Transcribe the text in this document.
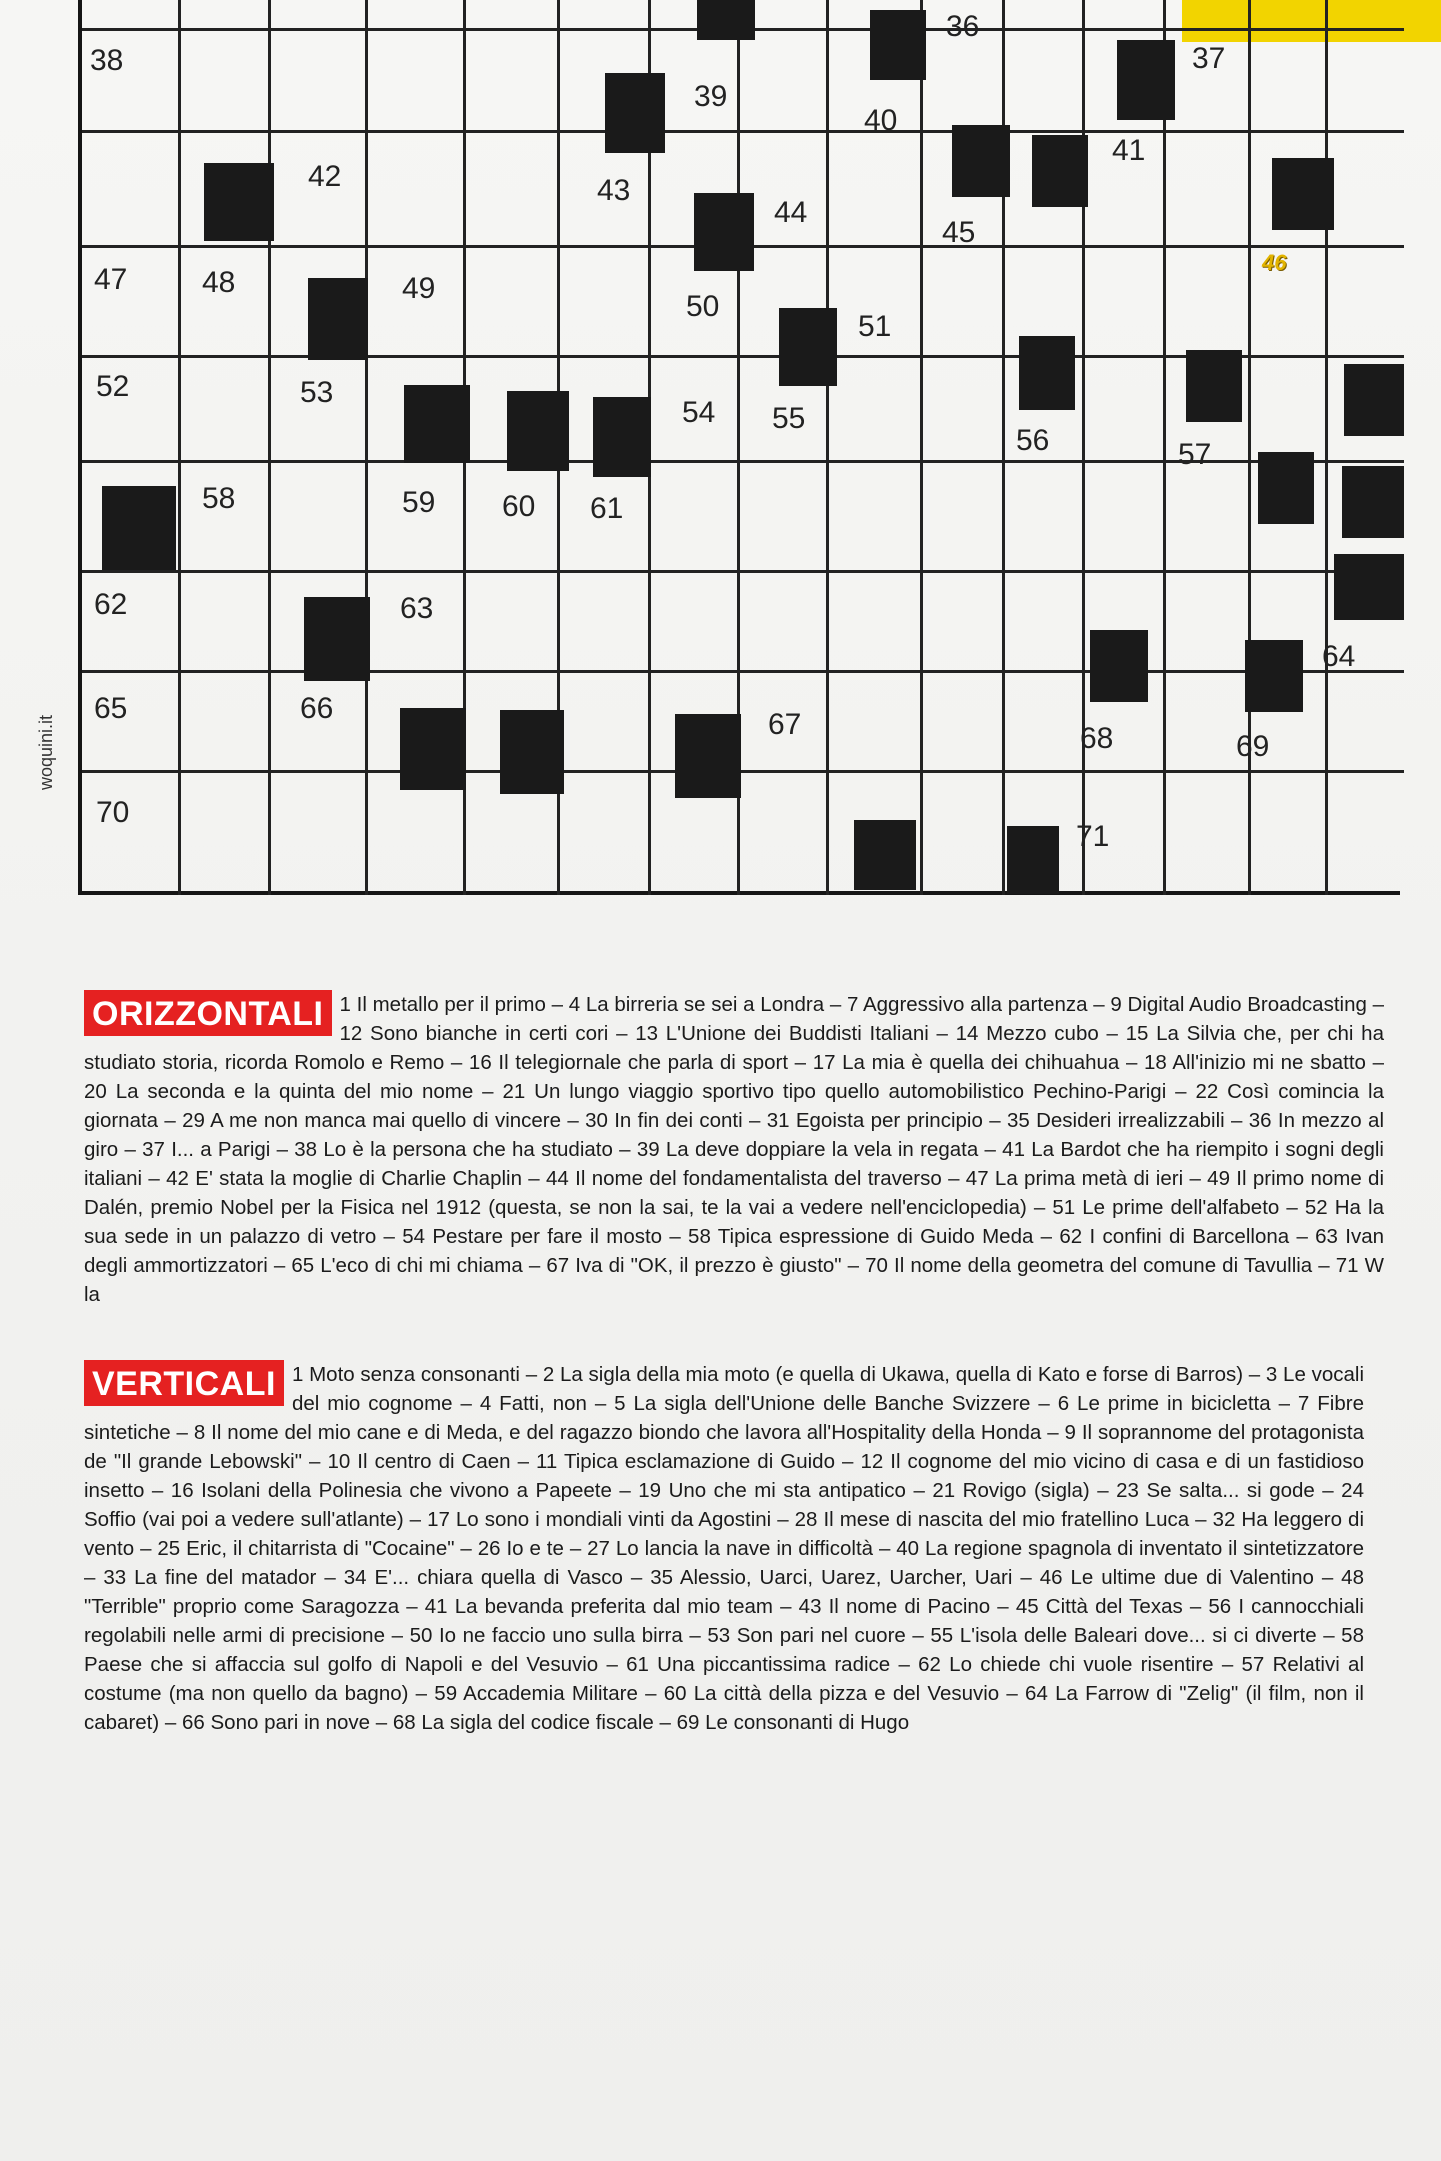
36
37
38
39
40
41
42	43
44
45
47 48	49
50
51
52	53
54 55
56	57
58	59 60 61
62	63
64
65	66	67	68	69
70
71
46
woquini.it
ORIZZONTALI 1 Il metallo per il primo – 4 La birreria se sei a Londra – 7 Aggressivo alla partenza – 9 Digital Audio Broadcasting – 12 Sono bianche in certi cori – 13 L'Unione dei Buddisti Italiani – 14 Mezzo cubo – 15 La Silvia che, per chi ha studiato storia, ricorda Romolo e Remo – 16 Il telegiornale che parla di sport – 17 La mia è quella dei chihuahua – 18 All'inizio mi ne sbatto – 20 La seconda e la quinta del mio nome – 21 Un lungo viaggio sportivo tipo quello automobilistico Pechino-Parigi – 22 Così comincia la giornata – 29 A me non manca mai quello di vincere – 30 In fin dei conti – 31 Egoista per principio – 35 Desideri irrealizzabili – 36 In mezzo al giro – 37 I... a Parigi – 38 Lo è la persona che ha studiato – 39 La deve doppiare la vela in regata – 41 La Bardot che ha riempito i sogni degli italiani – 42 E' stata la moglie di Charlie Chaplin – 44 Il nome del fondamentalista del traverso – 47 La prima metà di ieri – 49 Il primo nome di Dalén, premio Nobel per la Fisica nel 1912 (questa, se non la sai, te la vai a vedere nell'enciclopedia) – 51 Le prime dell'alfabeto – 52 Ha la sua sede in un palazzo di vetro – 54 Pestare per fare il mosto – 58 Tipica espressione di Guido Meda – 62 I confini di Barcellona – 63 Ivan degli ammortizzatori – 65 L'eco di chi mi chiama – 67 Iva di "OK, il prezzo è giusto" – 70 Il nome della geometra del comune di Tavullia – 71 W la
VERTICALI 1 Moto senza consonanti – 2 La sigla della mia moto (e quella di Ukawa, quella di Kato e forse di Barros) – 3 Le vocali del mio cognome – 4 Fatti, non – 5 La sigla dell'Unione delle Banche Svizzere – 6 Le prime in bicicletta – 7 Fibre sintetiche – 8 Il nome del mio cane e di Meda, e del ragazzo biondo che lavora all'Hospitality della Honda – 9 Il soprannome del protagonista de "Il grande Lebowski" – 10 Il centro di Caen – 11 Tipica esclamazione di Guido – 12 Il cognome del mio vicino di casa e di un fastidioso insetto – 16 Isolani della Polinesia che vivono a Papeete – 19 Uno che mi sta antipatico – 21 Rovigo (sigla) – 23 Se salta... si gode – 24 Soffio (vai poi a vedere sull'atlante) – 17 Lo sono i mondiali vinti da Agostini – 28 Il mese di nascita del mio fratellino Luca – 32 Ha leggero di vento – 25 Eric, il chitarrista di "Cocaine" – 26 Io e te – 27 Lo lancia la nave in difficoltà – 40 La regione spagnola di inventato il sintetizzatore – 33 La fine del matador – 34 E'... chiara quella di Vasco – 35 Alessio, Uarci, Uarez, Uarcher, Uari – 46 Le ultime due di Valentino – 48 "Terrible" proprio come Saragozza – 41 La bevanda preferita dal mio team – 43 Il nome di Pacino – 45 Città del Texas – 56 I cannocchiali regolabili nelle armi di precisione – 50 Io ne faccio uno sulla birra – 53 Son pari nel cuore – 55 L'isola delle Baleari dove... si ci diverte – 58 Paese che si affaccia sul golfo di Napoli e del Vesuvio – 61 Una piccantissima radice – 62 Lo chiede chi vuole risentire – 57 Relativi al costume (ma non quello da bagno) – 59 Accademia Militare – 60 La città della pizza e del Vesuvio – 64 La Farrow di "Zelig" (il film, non il cabaret) – 66 Sono pari in nove – 68 La sigla del codice fiscale – 69 Le consonanti di Hugo
